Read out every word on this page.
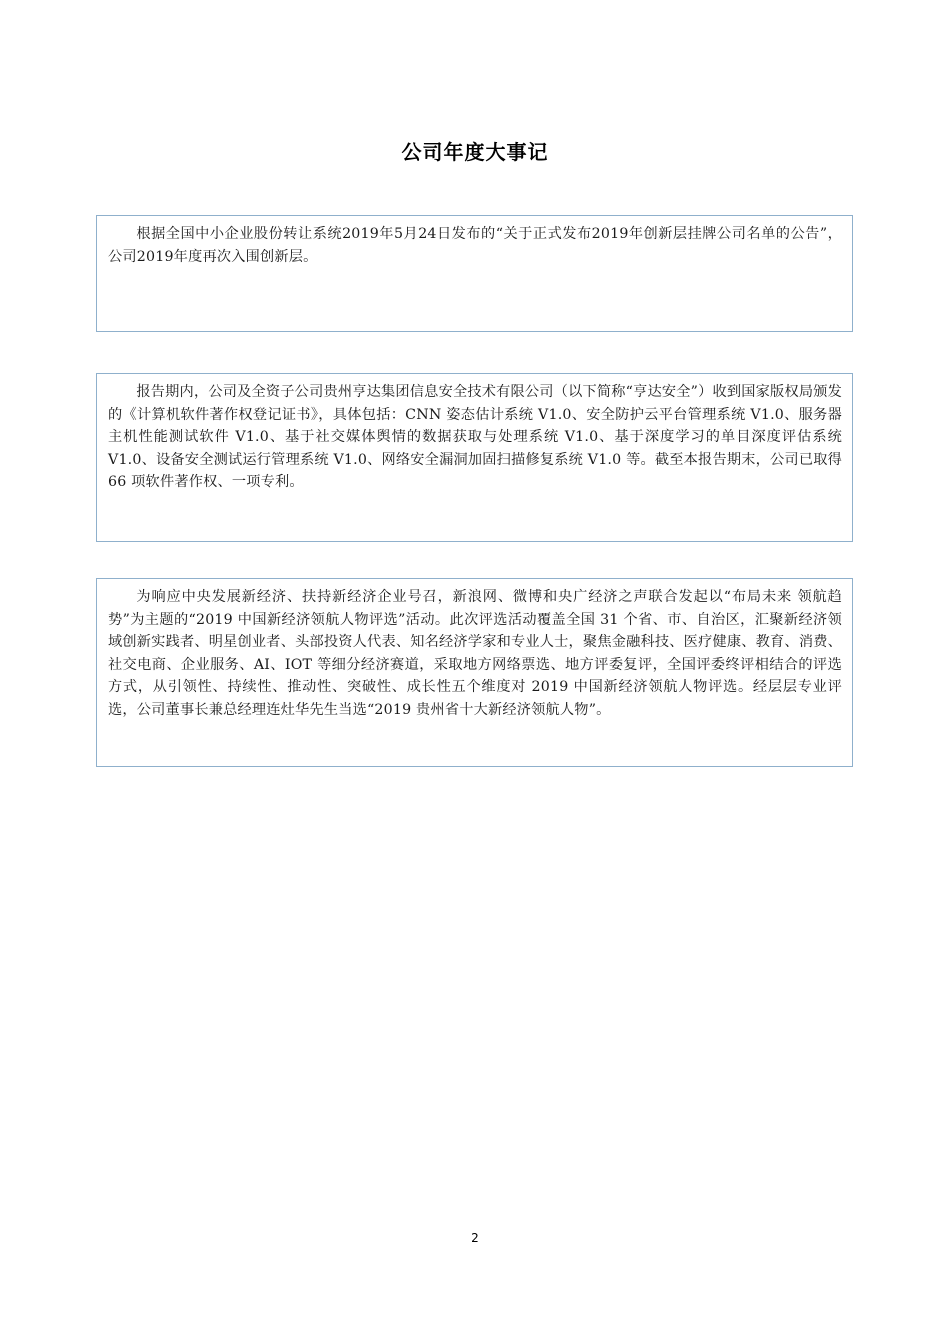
公司年度大事记

根据全国中小企业股份转让系统2019年5月24日发布的“关于正式发布2019年创新层挂牌公司名单的公告”，公司2019年度再次入围创新层。

报告期内，公司及全资子公司贵州亨达集团信息安全技术有限公司（以下简称“亨达安全”）收到国家版权局颁发的《计算机软件著作权登记证书》，具体包括：CNN 姿态估计系统 V1.0、安全防护云平台管理系统 V1.0、服务器主机性能测试软件 V1.0、基于社交媒体舆情的数据获取与处理系统 V1.0、基于深度学习的单目深度评估系统 V1.0、设备安全测试运行管理系统 V1.0、网络安全漏洞加固扫描修复系统 V1.0 等。截至本报告期末，公司已取得 66 项软件著作权、一项专利。

为响应中央发展新经济、扶持新经济企业号召，新浪网、微博和央广经济之声联合发起以“布局未来 领航趋势”为主题的“2019 中国新经济领航人物评选”活动。此次评选活动覆盖全国 31 个省、市、自治区，汇聚新经济领域创新实践者、明星创业者、头部投资人代表、知名经济学家和专业人士，聚焦金融科技、医疗健康、教育、消费、社交电商、企业服务、AI、IOT 等细分经济赛道，采取地方网络票选、地方评委复评，全国评委终评相结合的评选方式，从引领性、持续性、推动性、突破性、成长性五个维度对 2019 中国新经济领航人物评选。经层层专业评选，公司董事长兼总经理连灶华先生当选“2019 贵州省十大新经济领航人物”。

2
